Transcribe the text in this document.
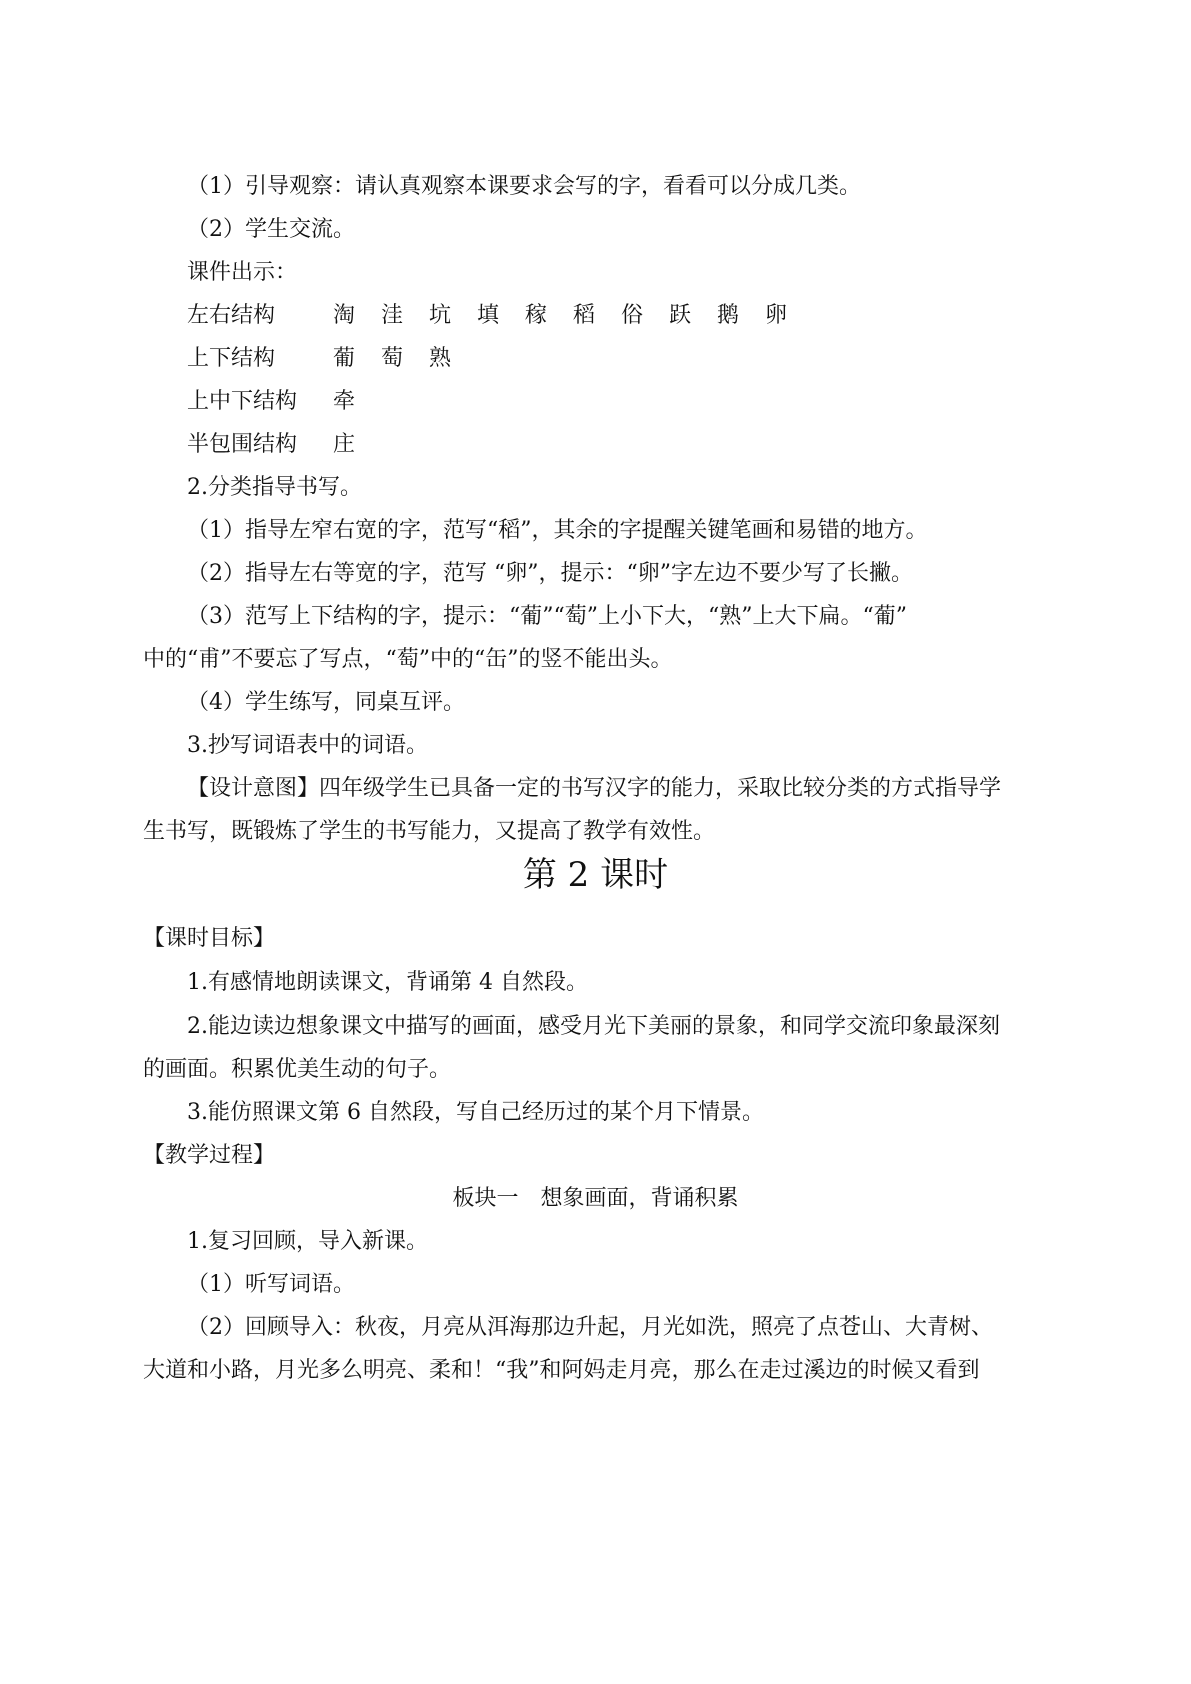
（1）引导观察：请认真观察本课要求会写的字，看看可以分成几类。
（2）学生交流。
课件出示：
左右结构	淘 洼 坑 填 稼 稻 俗 跃 鹅 卵
上下结构	葡 萄 熟
上中下结构 牵
半包围结构 庄
2.分类指导书写。
（1）指导左窄右宽的字，范写“稻”，其余的字提醒关键笔画和易错的地方。
（2）指导左右等宽的字，范写 “卵”，提示：“卵”字左边不要少写了长撇。
（3）范写上下结构的字，提示：“葡”“萄”上小下大，“熟”上大下扁。“葡”
中的“甫”不要忘了写点，“萄”中的“缶”的竖不能出头。
（4）学生练写，同桌互评。
3.抄写词语表中的词语。
【设计意图】四年级学生已具备一定的书写汉字的能力，采取比较分类的方式指导学
生书写，既锻炼了学生的书写能力，又提高了教学有效性。
第 2 课时
【课时目标】
1.有感情地朗读课文，背诵第 4 自然段。
2.能边读边想象课文中描写的画面，感受月光下美丽的景象，和同学交流印象最深刻
的画面。积累优美生动的句子。
3.能仿照课文第 6 自然段，写自己经历过的某个月下情景。
【教学过程】
板块一　想象画面，背诵积累
1.复习回顾，导入新课。
（1）听写词语。
（2）回顾导入：秋夜，月亮从洱海那边升起，月光如洗，照亮了点苍山、大青树、
大道和小路，月光多么明亮、柔和！“我”和阿妈走月亮，那么在走过溪边的时候又看到
